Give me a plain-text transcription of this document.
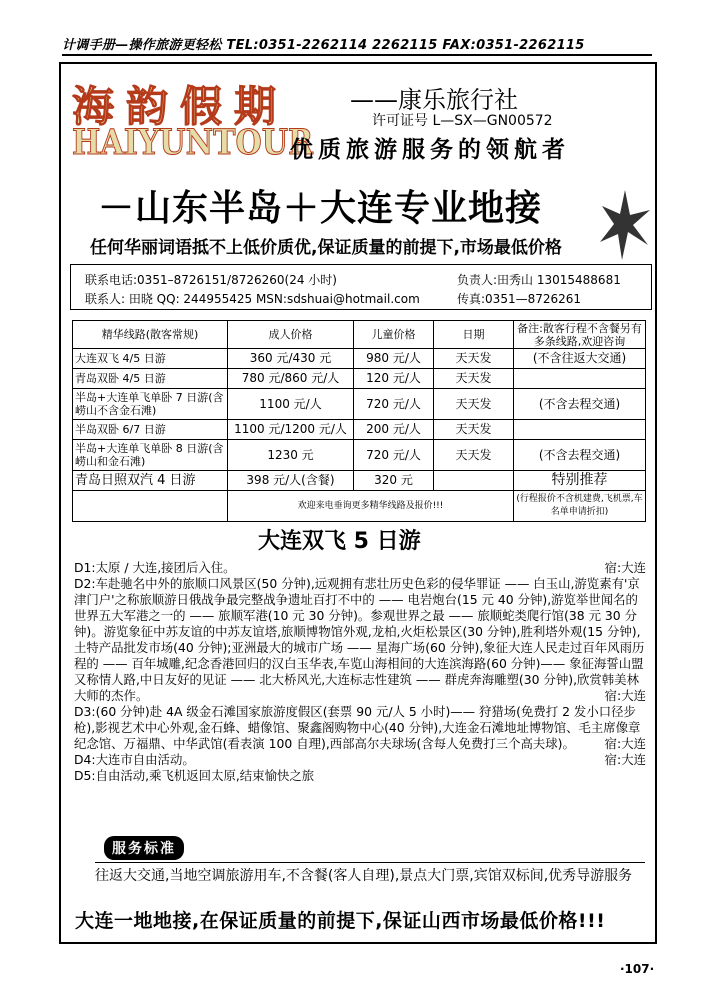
计调手册—操作旅游更轻松 TEL:0351-2262114 2262115 FAX:0351-2262115
海韵假期
HAIYUNTOUR
——康乐旅行社
许可证号 L—SX—GN00572
优质旅游服务的领航者
－山东半岛＋大连专业地接
任何华丽词语抵不上低价质优,保证质量的前提下,市场最低价格
联系电话:0351–8726151/8726260(24 小时)	负责人:田秀山 13015488681
联系人: 田晓 QQ: 244955425 MSN:sdshuai@hotmail.com	传真:0351—8726261
精华线路(散客常规)	成人价格	儿童价格	日期	备注:散客行程不含餐另有多条线路,欢迎咨询
大连双飞 4/5 日游	360 元/430 元	980 元/人	天天发	(不含往返大交通)
青岛双卧 4/5 日游	780 元/860 元/人	120 元/人	天天发	
半岛+大连单飞单卧 7 日游(含崂山不含金石滩)	1100 元/人	720 元/人	天天发	(不含去程交通)
半岛双卧 6/7 日游	1100 元/1200 元/人	200 元/人	天天发	
半岛+大连单飞单卧 8 日游(含崂山和金石滩)	1230 元	720 元/人	天天发	(不含去程交通)
青岛日照双汽 4 日游	398 元/人(含餐)	320 元		特别推荐
	欢迎来电垂询更多精华线路及报价!!!			(行程报价不含机建费,飞机票,车名单申请折扣)
大连双飞 5 日游

D1:太原 / 大连,接团后入住。	宿:大连

D2:车赴驰名中外的旅顺口风景区(50 分钟),远观拥有悲壮历史色彩的侵华罪证 —— 白玉山,游览素有'京津门户'之称旅顺游日俄战争最完整战争遗址百打不中的 —— 电岩炮台(15 元 40 分钟),游览举世闻名的世界五大军港之一的 —— 旅顺军港(10 元 30 分钟)。参观世界之最 —— 旅顺蛇类爬行馆(38 元 30 分钟)。游览象征中苏友谊的中苏友谊塔,旅顺博物馆外观,龙柏,火炬松景区(30 分钟),胜利塔外观(15 分钟),土特产品批发市场(40 分钟);亚洲最大的城市广场 —— 星海广场(60 分钟),象征大连人民走过百年风雨历程的 —— 百年城雕,纪念香港回归的汉白玉华表,车览山海相间的大连滨海路(60 分钟)—— 象征海誓山盟又称情人路,中日友好的见证 —— 北大桥风光,大连标志性建筑 —— 群虎奔海雕塑(30 分钟),欣赏韩美林大师的杰作。	宿:大连

D3:(60 分钟)赴 4A 级金石滩国家旅游度假区(套票 90 元/人 5 小时)—— 狩猎场(免费打 2 发小口径步枪),影视艺术中心外观,金石蜂、蜡像馆、聚鑫阁购物中心(40 分钟),大连金石滩地址博物馆、毛主席像章纪念馆、万福鼎、中华武馆(看表演 100 自理),西部高尔夫球场(含每人免费打三个高夫球)。	宿:大连

D4:大连市自由活动。	宿:大连

D5:自由活动,乘飞机返回太原,结束愉快之旅

服务标准
往返大交通,当地空调旅游用车,不含餐(客人自理),景点大门票,宾馆双标间,优秀导游服务
大连一地地接,在保证质量的前提下,保证山西市场最低价格!!!
·107·
